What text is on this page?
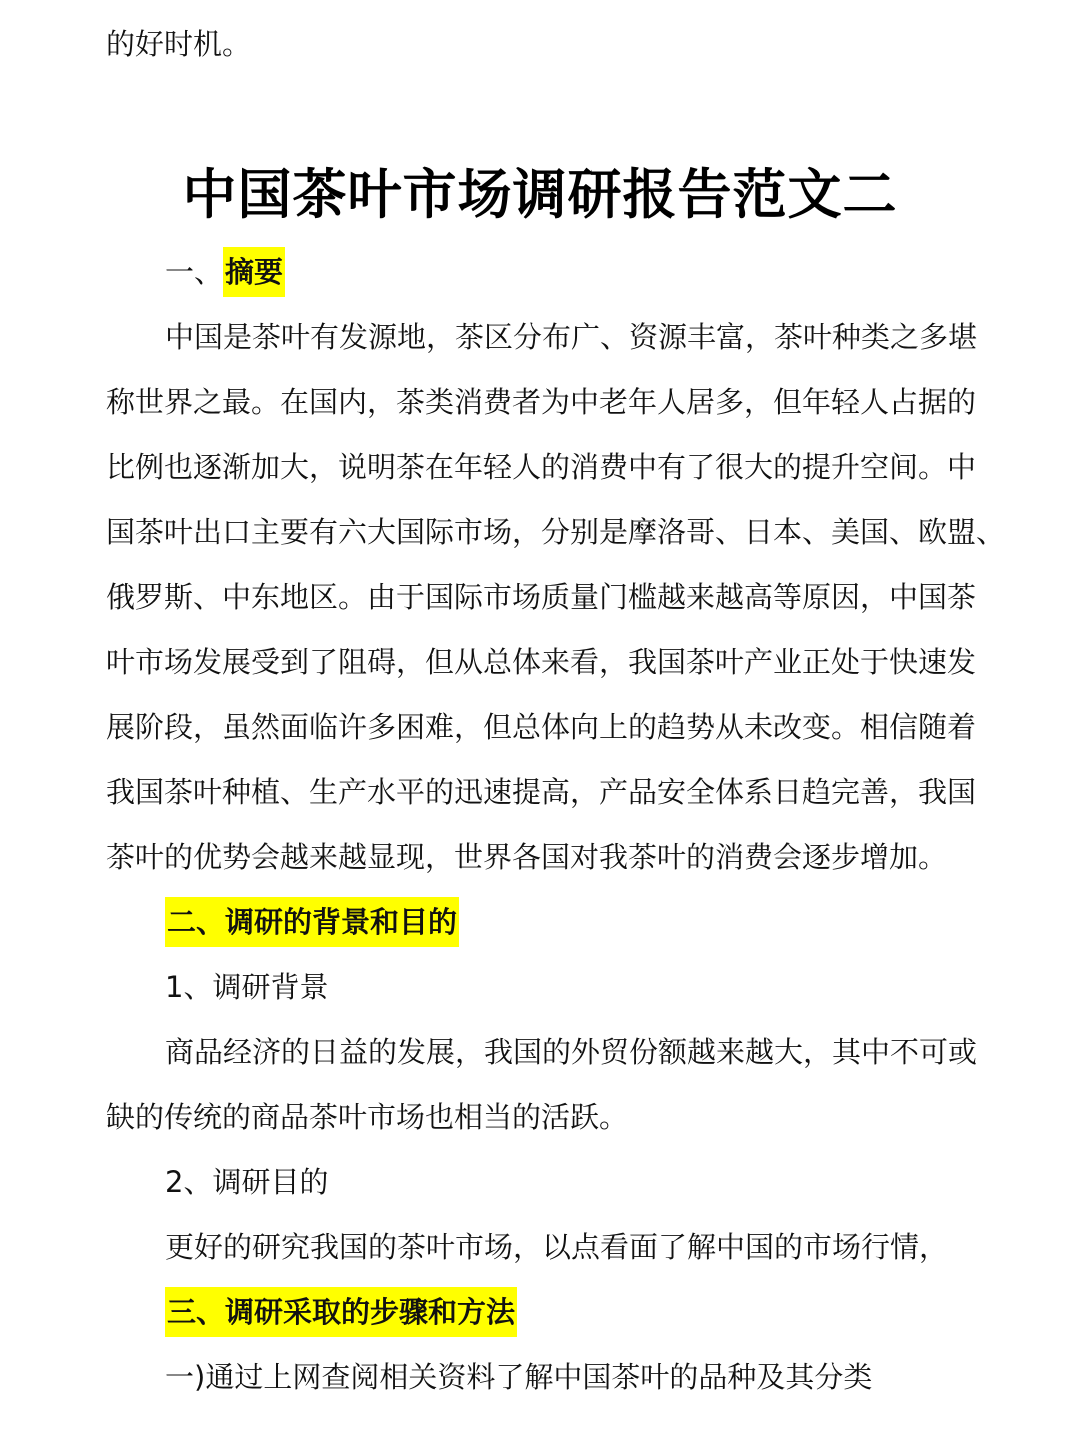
的好时机。
中国茶叶市场调研报告范文二
一、摘要
中国是茶叶有发源地，茶区分布广、资源丰富，茶叶种类之多堪
称世界之最。在国内，茶类消费者为中老年人居多，但年轻人占据的
比例也逐渐加大，说明茶在年轻人的消费中有了很大的提升空间。中
国茶叶出口主要有六大国际市场，分别是摩洛哥、日本、美国、欧盟、
俄罗斯、中东地区。由于国际市场质量门槛越来越高等原因，中国茶
叶市场发展受到了阻碍，但从总体来看，我国茶叶产业正处于快速发
展阶段，虽然面临许多困难，但总体向上的趋势从未改变。相信随着
我国茶叶种植、生产水平的迅速提高，产品安全体系日趋完善，我国
茶叶的优势会越来越显现，世界各国对我茶叶的消费会逐步增加。
二、调研的背景和目的
1、调研背景
商品经济的日益的发展，我国的外贸份额越来越大，其中不可或
缺的传统的商品茶叶市场也相当的活跃。
2、调研目的
更好的研究我国的茶叶市场，以点看面了解中国的市场行情，
三、调研采取的步骤和方法
一)通过上网查阅相关资料了解中国茶叶的品种及其分类
